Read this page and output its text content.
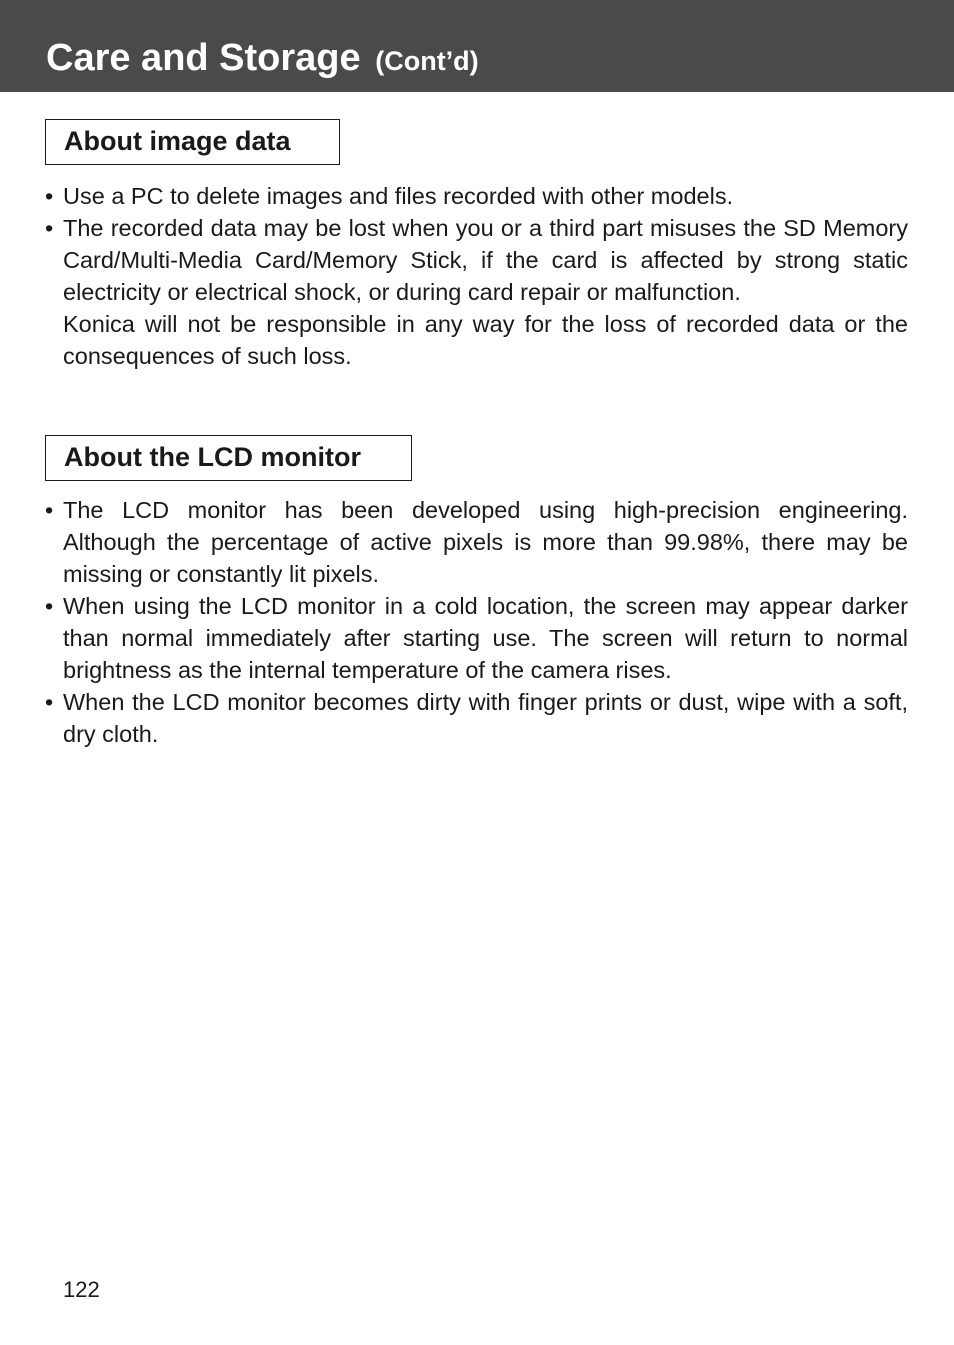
Care and Storage (Cont’d)
About image data
• Use a PC to delete images and files recorded with other models.
• The recorded data may be lost when you or a third part misuses the SD Memory Card/Multi-Media Card/Memory Stick, if the card is affected by strong static electricity or electrical shock, or during card repair or malfunction.
Konica will not be responsible in any way for the loss of recorded data or the consequences of such loss.
About the LCD monitor
• The LCD monitor has been developed using high-precision engineering. Although the percentage of active pixels is more than 99.98%, there may be missing or constantly lit pixels.
• When using the LCD monitor in a cold location, the screen may appear darker than normal immediately after starting use. The screen will return to normal brightness as the internal temperature of the camera rises.
• When the LCD monitor becomes dirty with finger prints or dust, wipe with a soft, dry cloth.
122
